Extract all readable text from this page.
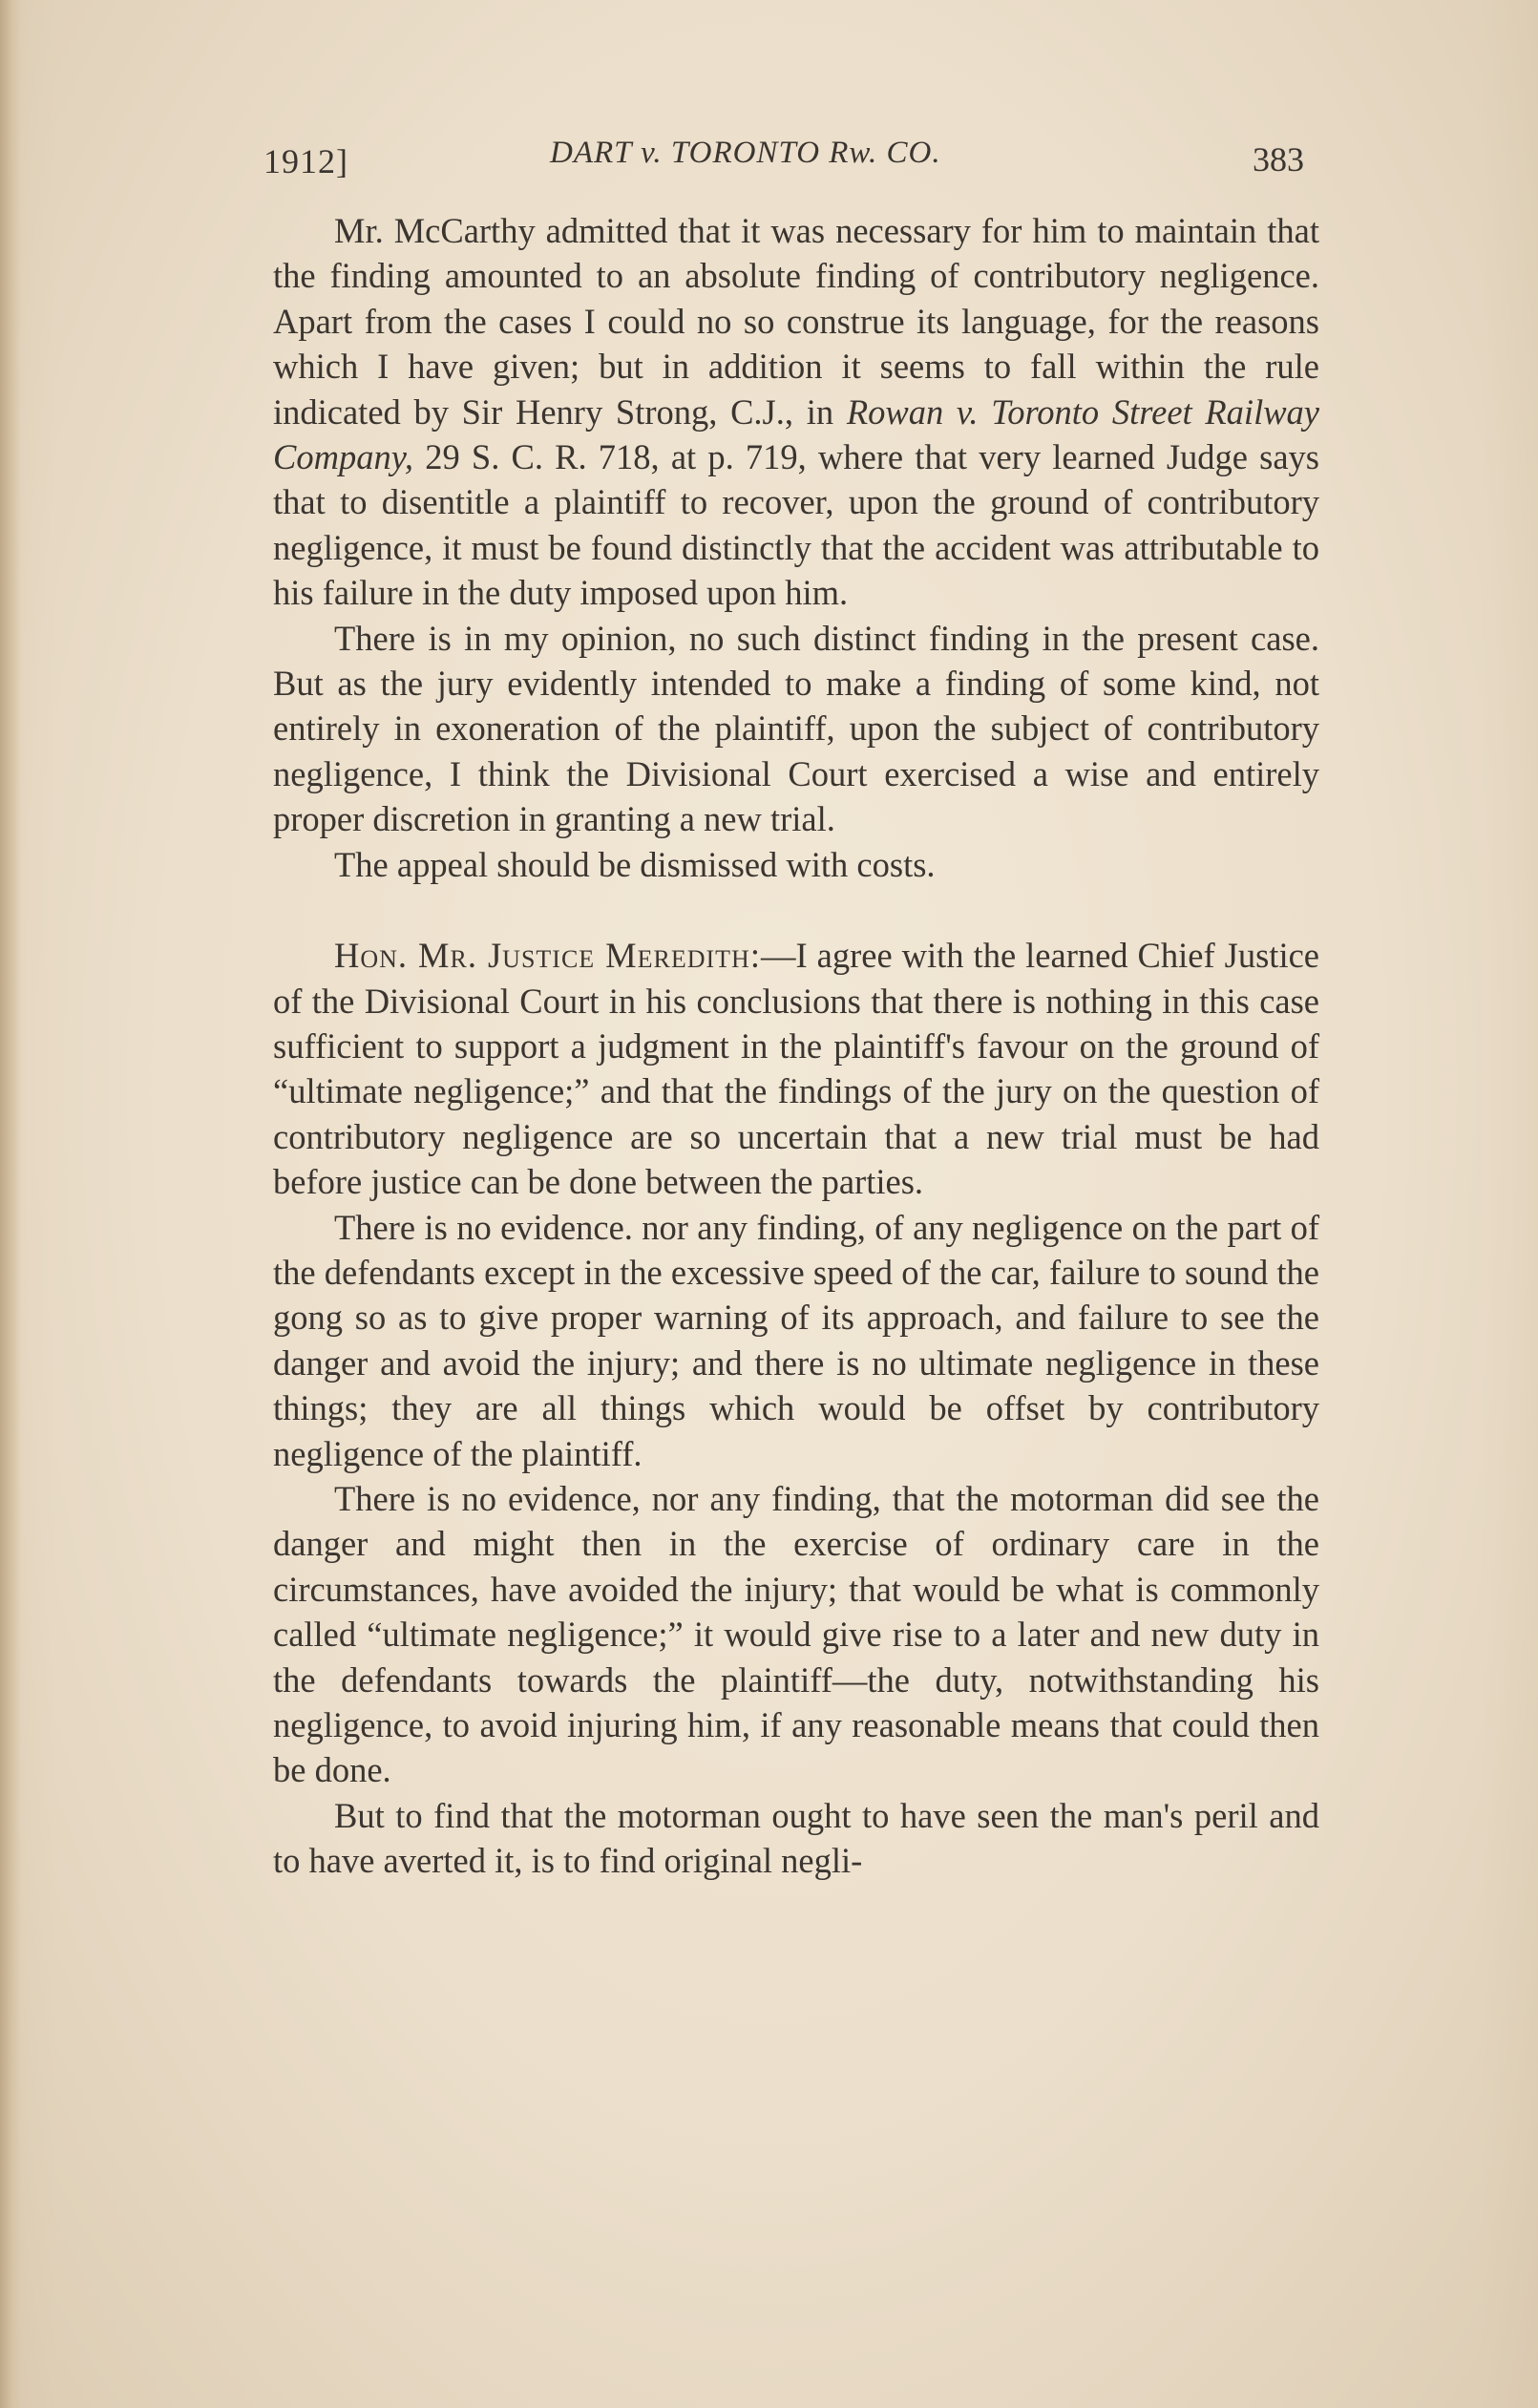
1912]	DART v. TORONTO Rw. CO.	383

Mr. McCarthy admitted that it was necessary for him to maintain that the finding amounted to an absolute finding of contributory negligence. Apart from the cases I could no so construe its language, for the reasons which I have given; but in addition it seems to fall within the rule indicated by Sir Henry Strong, C.J., in Rowan v. Toronto Street Railway Company, 29 S. C. R. 718, at p. 719, where that very learned Judge says that to disentitle a plaintiff to recover, upon the ground of contributory negligence, it must be found distinctly that the accident was attributable to his failure in the duty imposed upon him.

There is in my opinion, no such distinct finding in the present case. But as the jury evidently intended to make a finding of some kind, not entirely in exoneration of the plaintiff, upon the subject of contributory negligence, I think the Divisional Court exercised a wise and entirely proper discretion in granting a new trial.

The appeal should be dismissed with costs.

Hon. Mr. Justice Meredith:—I agree with the learned Chief Justice of the Divisional Court in his conclusions that there is nothing in this case sufficient to support a judgment in the plaintiff's favour on the ground of “ultimate negligence;” and that the findings of the jury on the question of contributory negligence are so uncertain that a new trial must be had before justice can be done between the parties.

There is no evidence. nor any finding, of any negligence on the part of the defendants except in the excessive speed of the car, failure to sound the gong so as to give proper warning of its approach, and failure to see the danger and avoid the injury; and there is no ultimate negligence in these things; they are all things which would be offset by contributory negligence of the plaintiff.

There is no evidence, nor any finding, that the motorman did see the danger and might then in the exercise of ordinary care in the circumstances, have avoided the injury; that would be what is commonly called “ultimate negligence;” it would give rise to a later and new duty in the defendants towards the plaintiff—the duty, notwithstanding his negligence, to avoid injuring him, if any reasonable means that could then be done.

But to find that the motorman ought to have seen the man's peril and to have averted it, is to find original negli-
